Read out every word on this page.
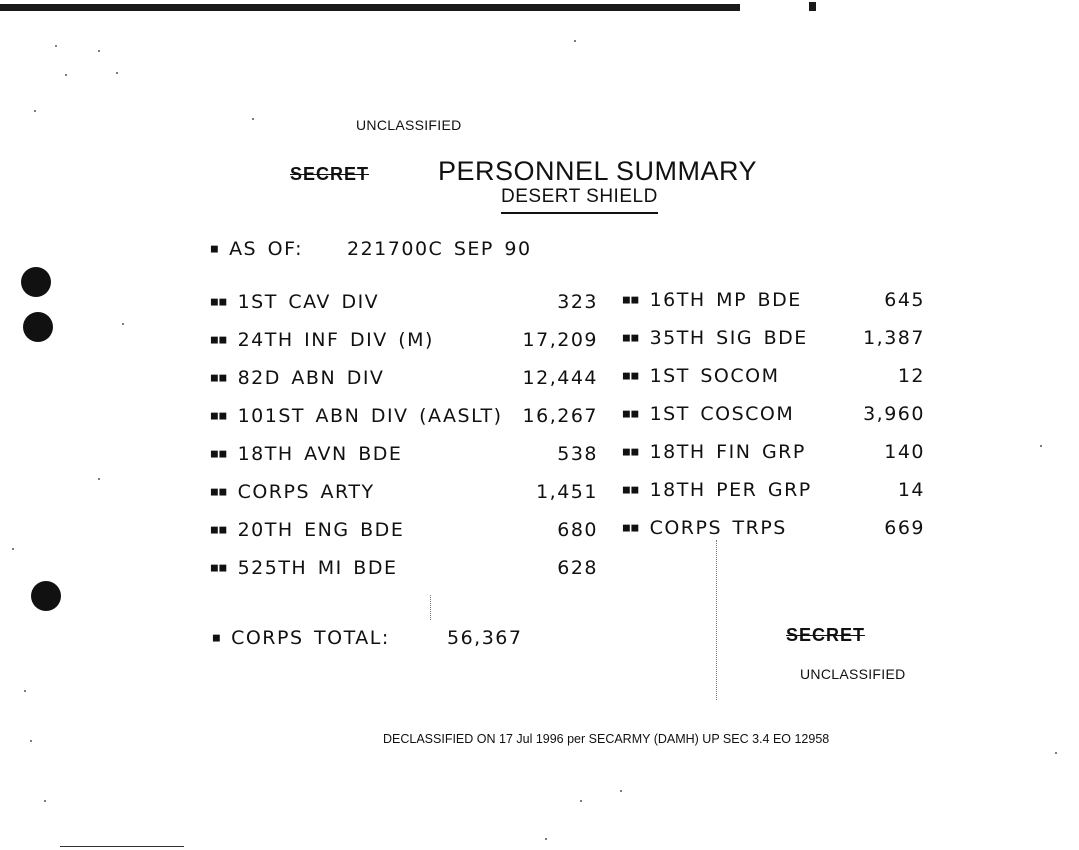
UNCLASSIFIED
SECRET	PERSONNEL SUMMARY
DESERT SHIELD
■ AS OF: 221700C SEP 90
■■ 1ST CAV DIV	323
■■ 24TH INF DIV (M)	17,209
■■ 82D ABN DIV	12,444
■■ 101ST ABN DIV (AASLT) 16,267
■■ 18TH AVN BDE	538
■■ CORPS ARTY	1,451
■■ 20TH ENG BDE	680
■■ 525TH MI BDE	628
■■ 16TH MP BDE	645
■■ 35TH SIG BDE	1,387
■■ 1ST SOCOM	12
■■ 1ST COSCOM	3,960
■■ 18TH FIN GRP	140
■■ 18TH PER GRP	14
■■ CORPS TRPS	669
■ CORPS TOTAL:	56,367	SECRET
UNCLASSIFIED
DECLASSIFIED ON 17 Jul 1996 per SECARMY (DAMH) UP SEC 3.4 EO 12958
